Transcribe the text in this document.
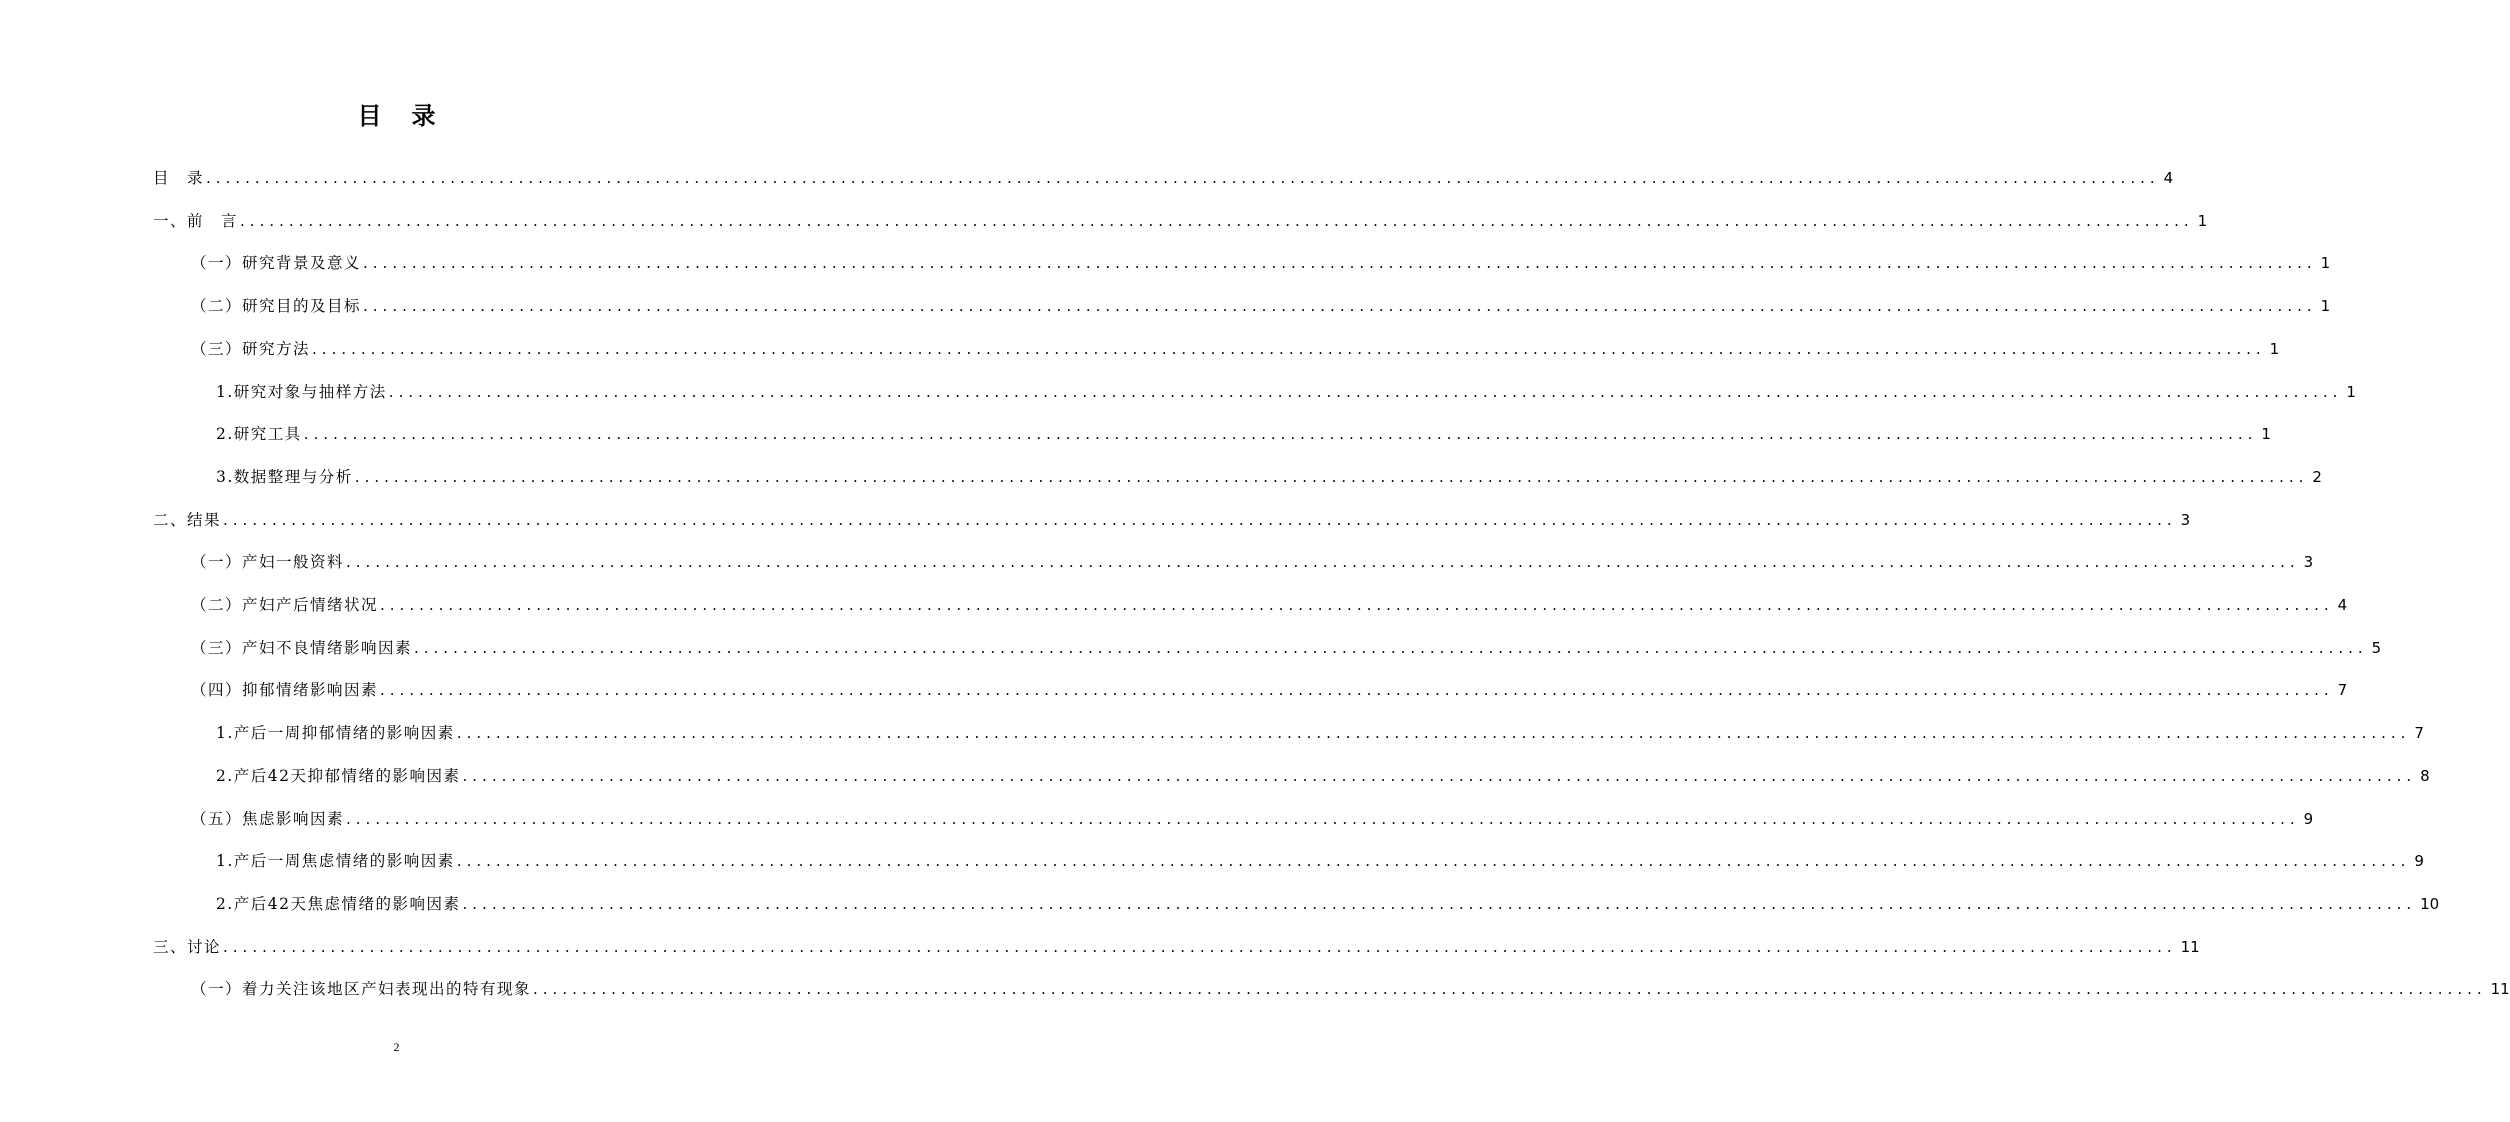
目录
目　录 ........................................................................................................................................................................................................ 4
一、前　言 ........................................................................................................................................................................................................ 1
（一）研究背景及意义 ........................................................................................................................................................................................................ 1
（二）研究目的及目标 ........................................................................................................................................................................................................ 1
（三）研究方法 ........................................................................................................................................................................................................ 1
1.研究对象与抽样方法 ........................................................................................................................................................................................................ 1
2.研究工具 ........................................................................................................................................................................................................ 1
3.数据整理与分析 ........................................................................................................................................................................................................ 2
二、结果 ........................................................................................................................................................................................................ 3
（一）产妇一般资料 ........................................................................................................................................................................................................ 3
（二）产妇产后情绪状况 ........................................................................................................................................................................................................ 4
（三）产妇不良情绪影响因素 ........................................................................................................................................................................................................ 5
（四）抑郁情绪影响因素 ........................................................................................................................................................................................................ 7
1.产后一周抑郁情绪的影响因素 ........................................................................................................................................................................................................ 7
2.产后42天抑郁情绪的影响因素 ........................................................................................................................................................................................................ 8
（五）焦虑影响因素 ........................................................................................................................................................................................................ 9
1.产后一周焦虑情绪的影响因素 ........................................................................................................................................................................................................ 9
2.产后42天焦虑情绪的影响因素 ........................................................................................................................................................................................................ 10
三、讨论 ........................................................................................................................................................................................................ 11
（一）着力关注该地区产妇表现出的特有现象 ........................................................................................................................................................................................................ 11
2
